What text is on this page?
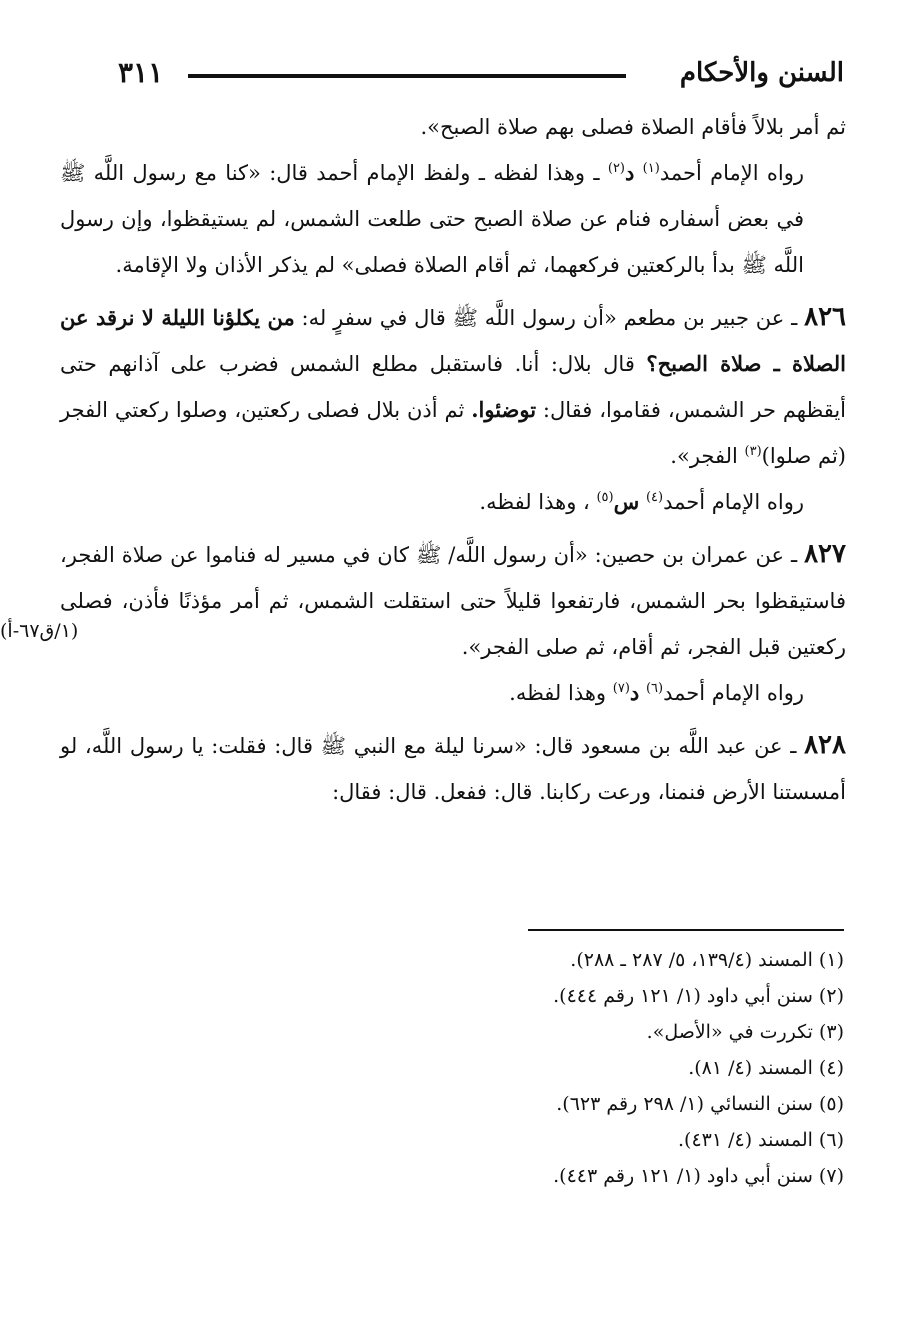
السنن والأحكام
٣١١

ثم أمر بلالاً فأقام الصلاة فصلى بهم صلاة الصبح».

رواه الإمام أحمد$^{(١)}$ د$^{(٢)}$ ـ وهذا لفظه ـ ولفظ الإمام أحمد قال: «كنا مع رسول اللَّه ﷺ في بعض أسفاره فنام عن صلاة الصبح حتى طلعت الشمس، لم يستيقظوا، وإن رسول اللَّه ﷺ بدأ بالركعتين فركعهما، ثم أقام الصلاة فصلى» لم يذكر الأذان ولا الإقامة.

٨٢٦ ـ عن جبير بن مطعم «أن رسول اللَّه ﷺ قال في سفرٍ له: من يكلؤنا الليلة لا نرقد عن الصلاة ـ صلاة الصبح؟ قال بلال: أنا. فاستقبل مطلع الشمس فضرب على آذانهم حتى أيقظهم حر الشمس، فقاموا، فقال: توضئوا. ثم أذن بلال فصلى ركعتين، وصلوا ركعتي الفجر (ثم صلوا)$^{(٣)}$ الفجر».

رواه الإمام أحمد$^{(٤)}$ س$^{(٥)}$ ، وهذا لفظه.

٨٢٧ ـ عن عمران بن حصين: «أن رسول اللَّه/ ﷺ كان في مسير له فناموا عن صلاة الفجر، فاستيقظوا بحر الشمس، فارتفعوا قليلاً حتى استقلت الشمس، ثم أمر مؤذنًا فأذن، فصلى ركعتين قبل الفجر، ثم أقام، ثم صلى الفجر».

رواه الإمام أحمد$^{(٦)}$ د$^{(٧)}$ وهذا لفظه.

٨٢٨ ـ عن عبد اللَّه بن مسعود قال: «سرنا ليلة مع النبي ﷺ قال: فقلت: يا رسول اللَّه، لو أمسستنا الأرض فنمنا، ورعت ركابنا. قال: ففعل. قال: فقال:

(١/ق٦٧-أ)
(١) المسند (١٣٩/٤، ٥/ ٢٨٧ ـ ٢٨٨).
(٢) سنن أبي داود (١/ ١٢١ رقم ٤٤٤).
(٣) تكررت في «الأصل».
(٤) المسند (٤/ ٨١).
(٥) سنن النسائي (١/ ٢٩٨ رقم ٦٢٣).
(٦) المسند (٤/ ٤٣١).
(٧) سنن أبي داود (١/ ١٢١ رقم ٤٤٣).
